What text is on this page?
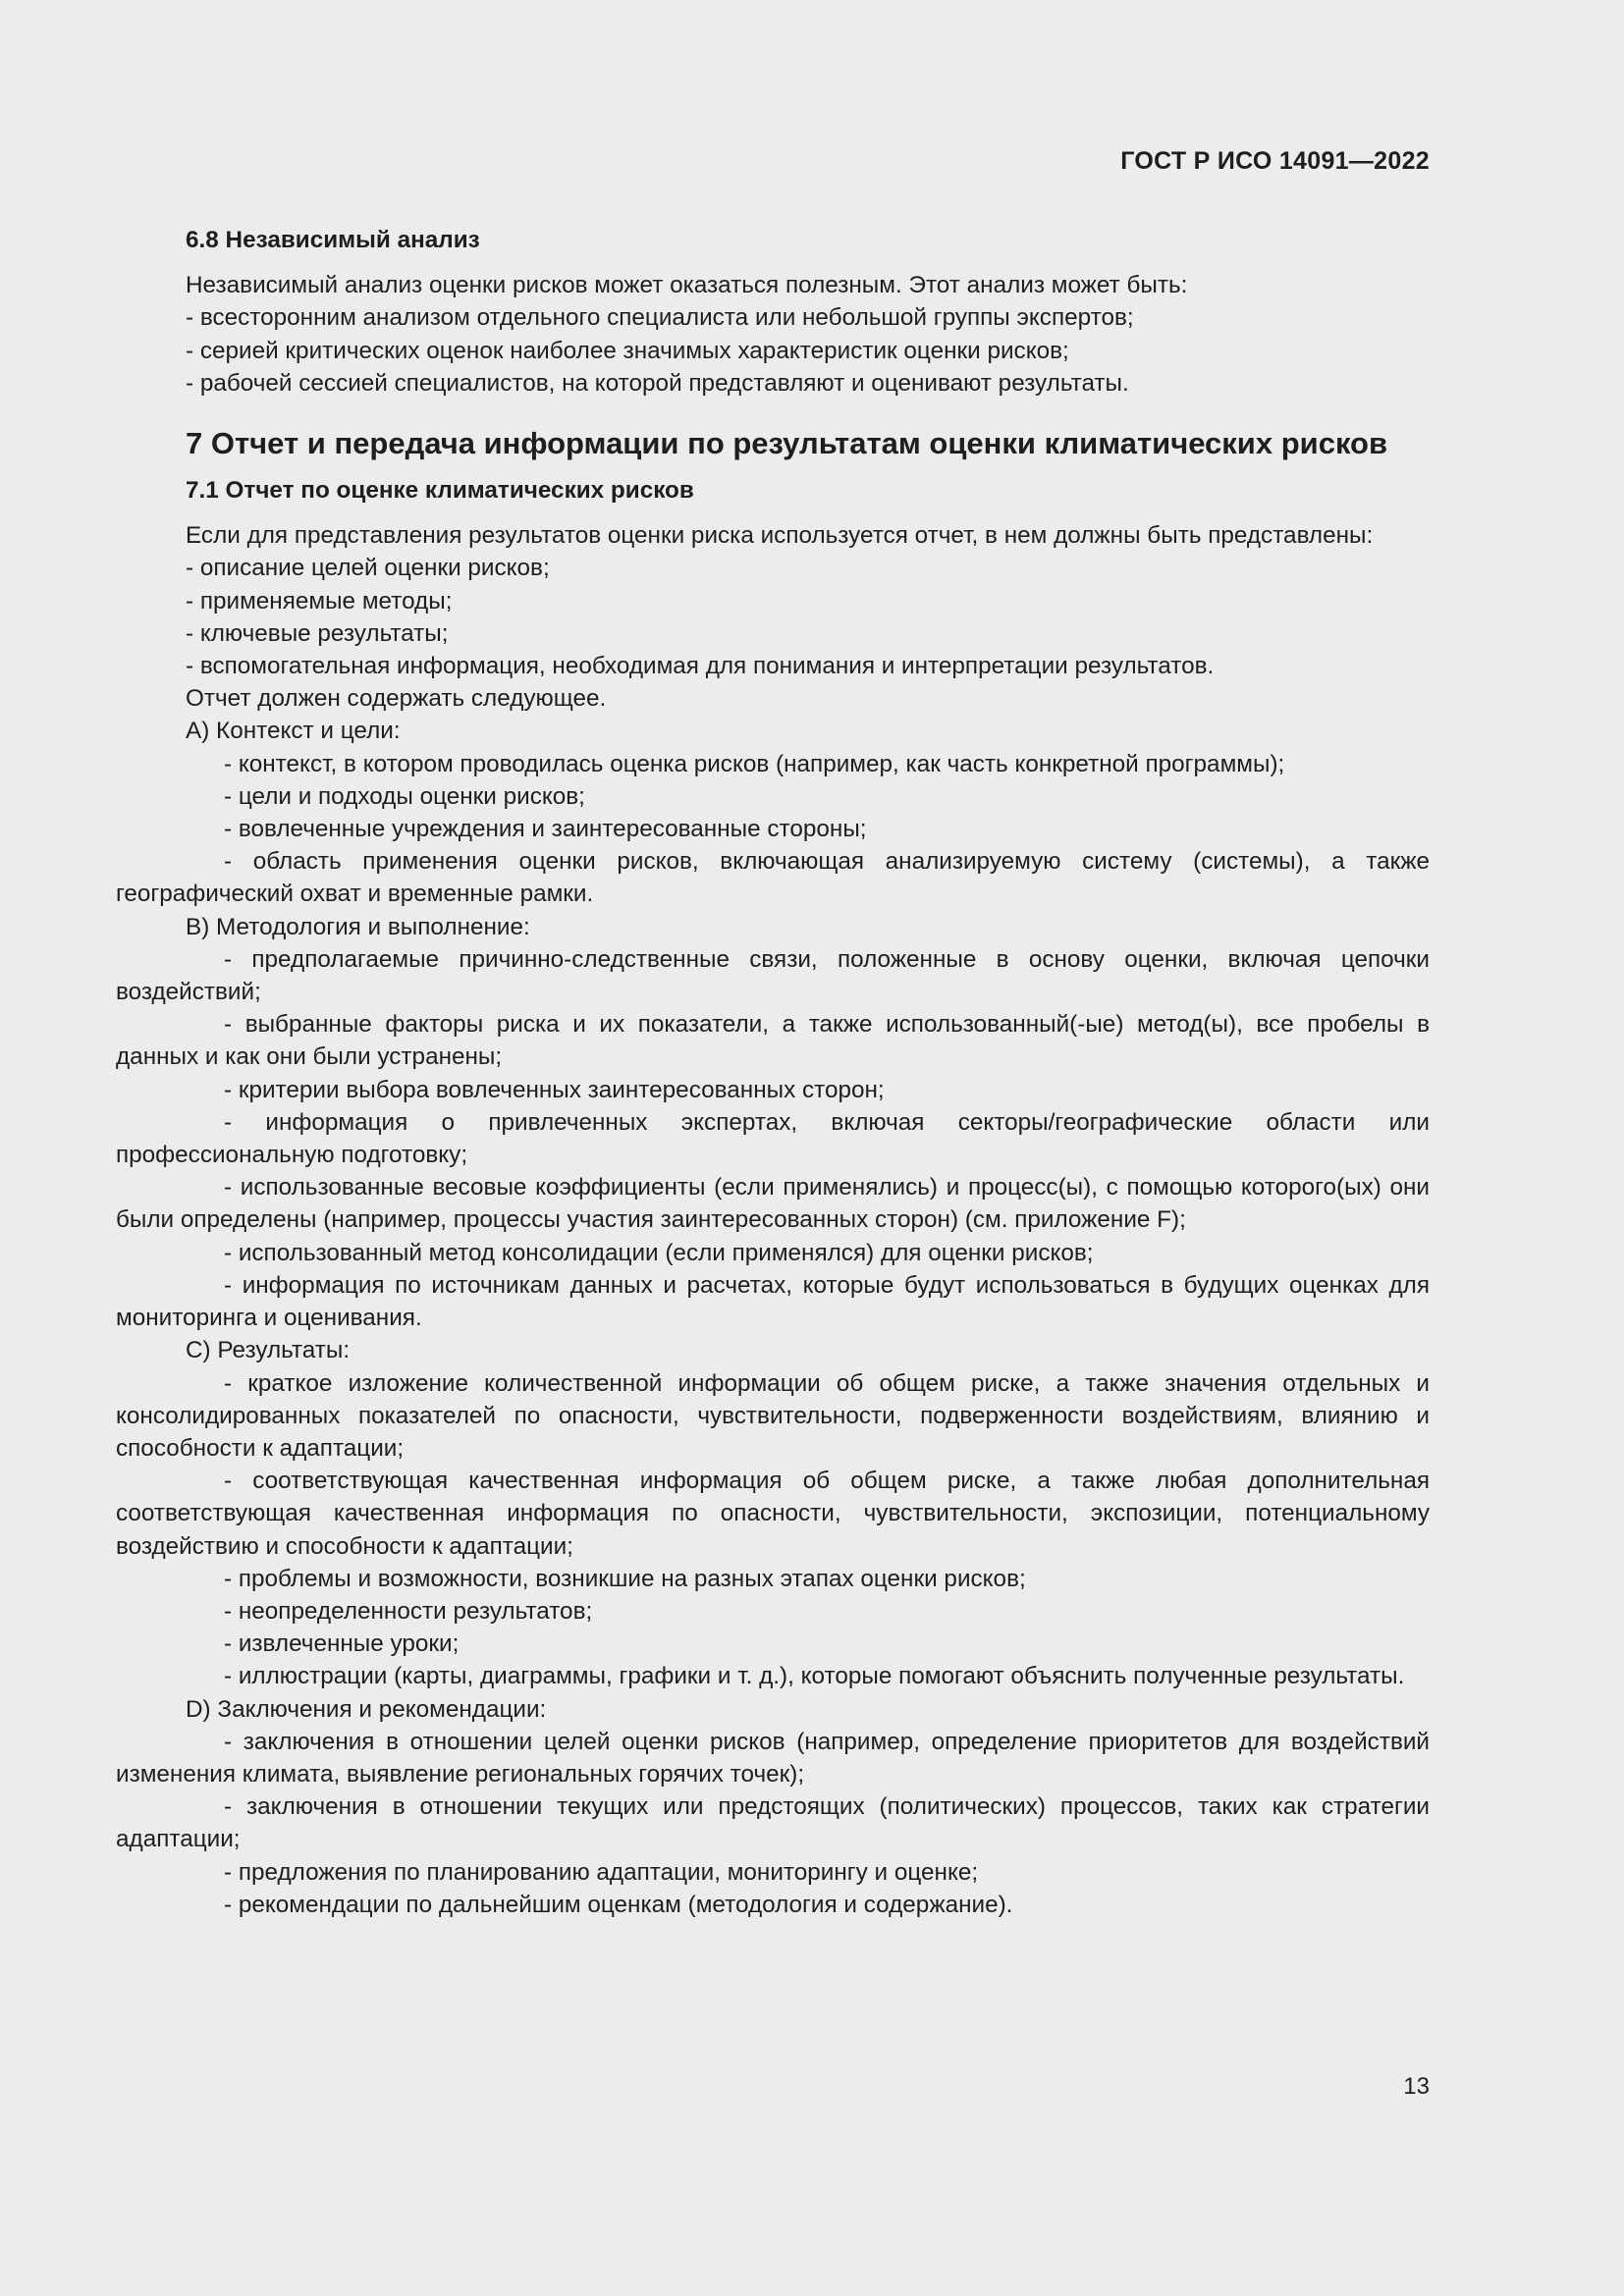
ГОСТ Р ИСО 14091—2022

6.8 Независимый анализ

Независимый анализ оценки рисков может оказаться полезным. Этот анализ может быть:

- всесторонним анализом отдельного специалиста или небольшой группы экспертов;

- серией критических оценок наиболее значимых характеристик оценки рисков;

- рабочей сессией специалистов, на которой представляют и оценивают результаты.

7 Отчет и передача информации по результатам оценки климатических рисков

7.1 Отчет по оценке климатических рисков

Если для представления результатов оценки риска используется отчет, в нем должны быть представлены:

- описание целей оценки рисков;

- применяемые методы;

- ключевые результаты;

- вспомогательная информация, необходимая для понимания и интерпретации результатов.

Отчет должен содержать следующее.

A) Контекст и цели:

- контекст, в котором проводилась оценка рисков (например, как часть конкретной программы);

- цели и подходы оценки рисков;

- вовлеченные учреждения и заинтересованные стороны;

- область применения оценки рисков, включающая анализируемую систему (системы), а также географический охват и временные рамки.

B) Методология и выполнение:

- предполагаемые причинно-следственные связи, положенные в основу оценки, включая цепочки воздействий;

- выбранные факторы риска и их показатели, а также использованный(-ые) метод(ы), все пробелы в данных и как они были устранены;

- критерии выбора вовлеченных заинтересованных сторон;

- информация о привлеченных экспертах, включая секторы/географические области или профессиональную подготовку;

- использованные весовые коэффициенты (если применялись) и процесс(ы), с помощью которого(ых) они были определены (например, процессы участия заинтересованных сторон) (см. приложение F);

- использованный метод консолидации (если применялся) для оценки рисков;

- информация по источникам данных и расчетах, которые будут использоваться в будущих оценках для мониторинга и оценивания.

C) Результаты:

- краткое изложение количественной информации об общем риске, а также значения отдельных и консолидированных показателей по опасности, чувствительности, подверженности воздействиям, влиянию и способности к адаптации;

- соответствующая качественная информация об общем риске, а также любая дополнительная соответствующая качественная информация по опасности, чувствительности, экспозиции, потенциальному воздействию и способности к адаптации;

- проблемы и возможности, возникшие на разных этапах оценки рисков;

- неопределенности результатов;

- извлеченные уроки;

- иллюстрации (карты, диаграммы, графики и т. д.), которые помогают объяснить полученные результаты.

D) Заключения и рекомендации:

- заключения в отношении целей оценки рисков (например, определение приоритетов для воздействий изменения климата, выявление региональных горячих точек);

- заключения в отношении текущих или предстоящих (политических) процессов, таких как стратегии адаптации;

- предложения по планированию адаптации, мониторингу и оценке;

- рекомендации по дальнейшим оценкам (методология и содержание).

13
